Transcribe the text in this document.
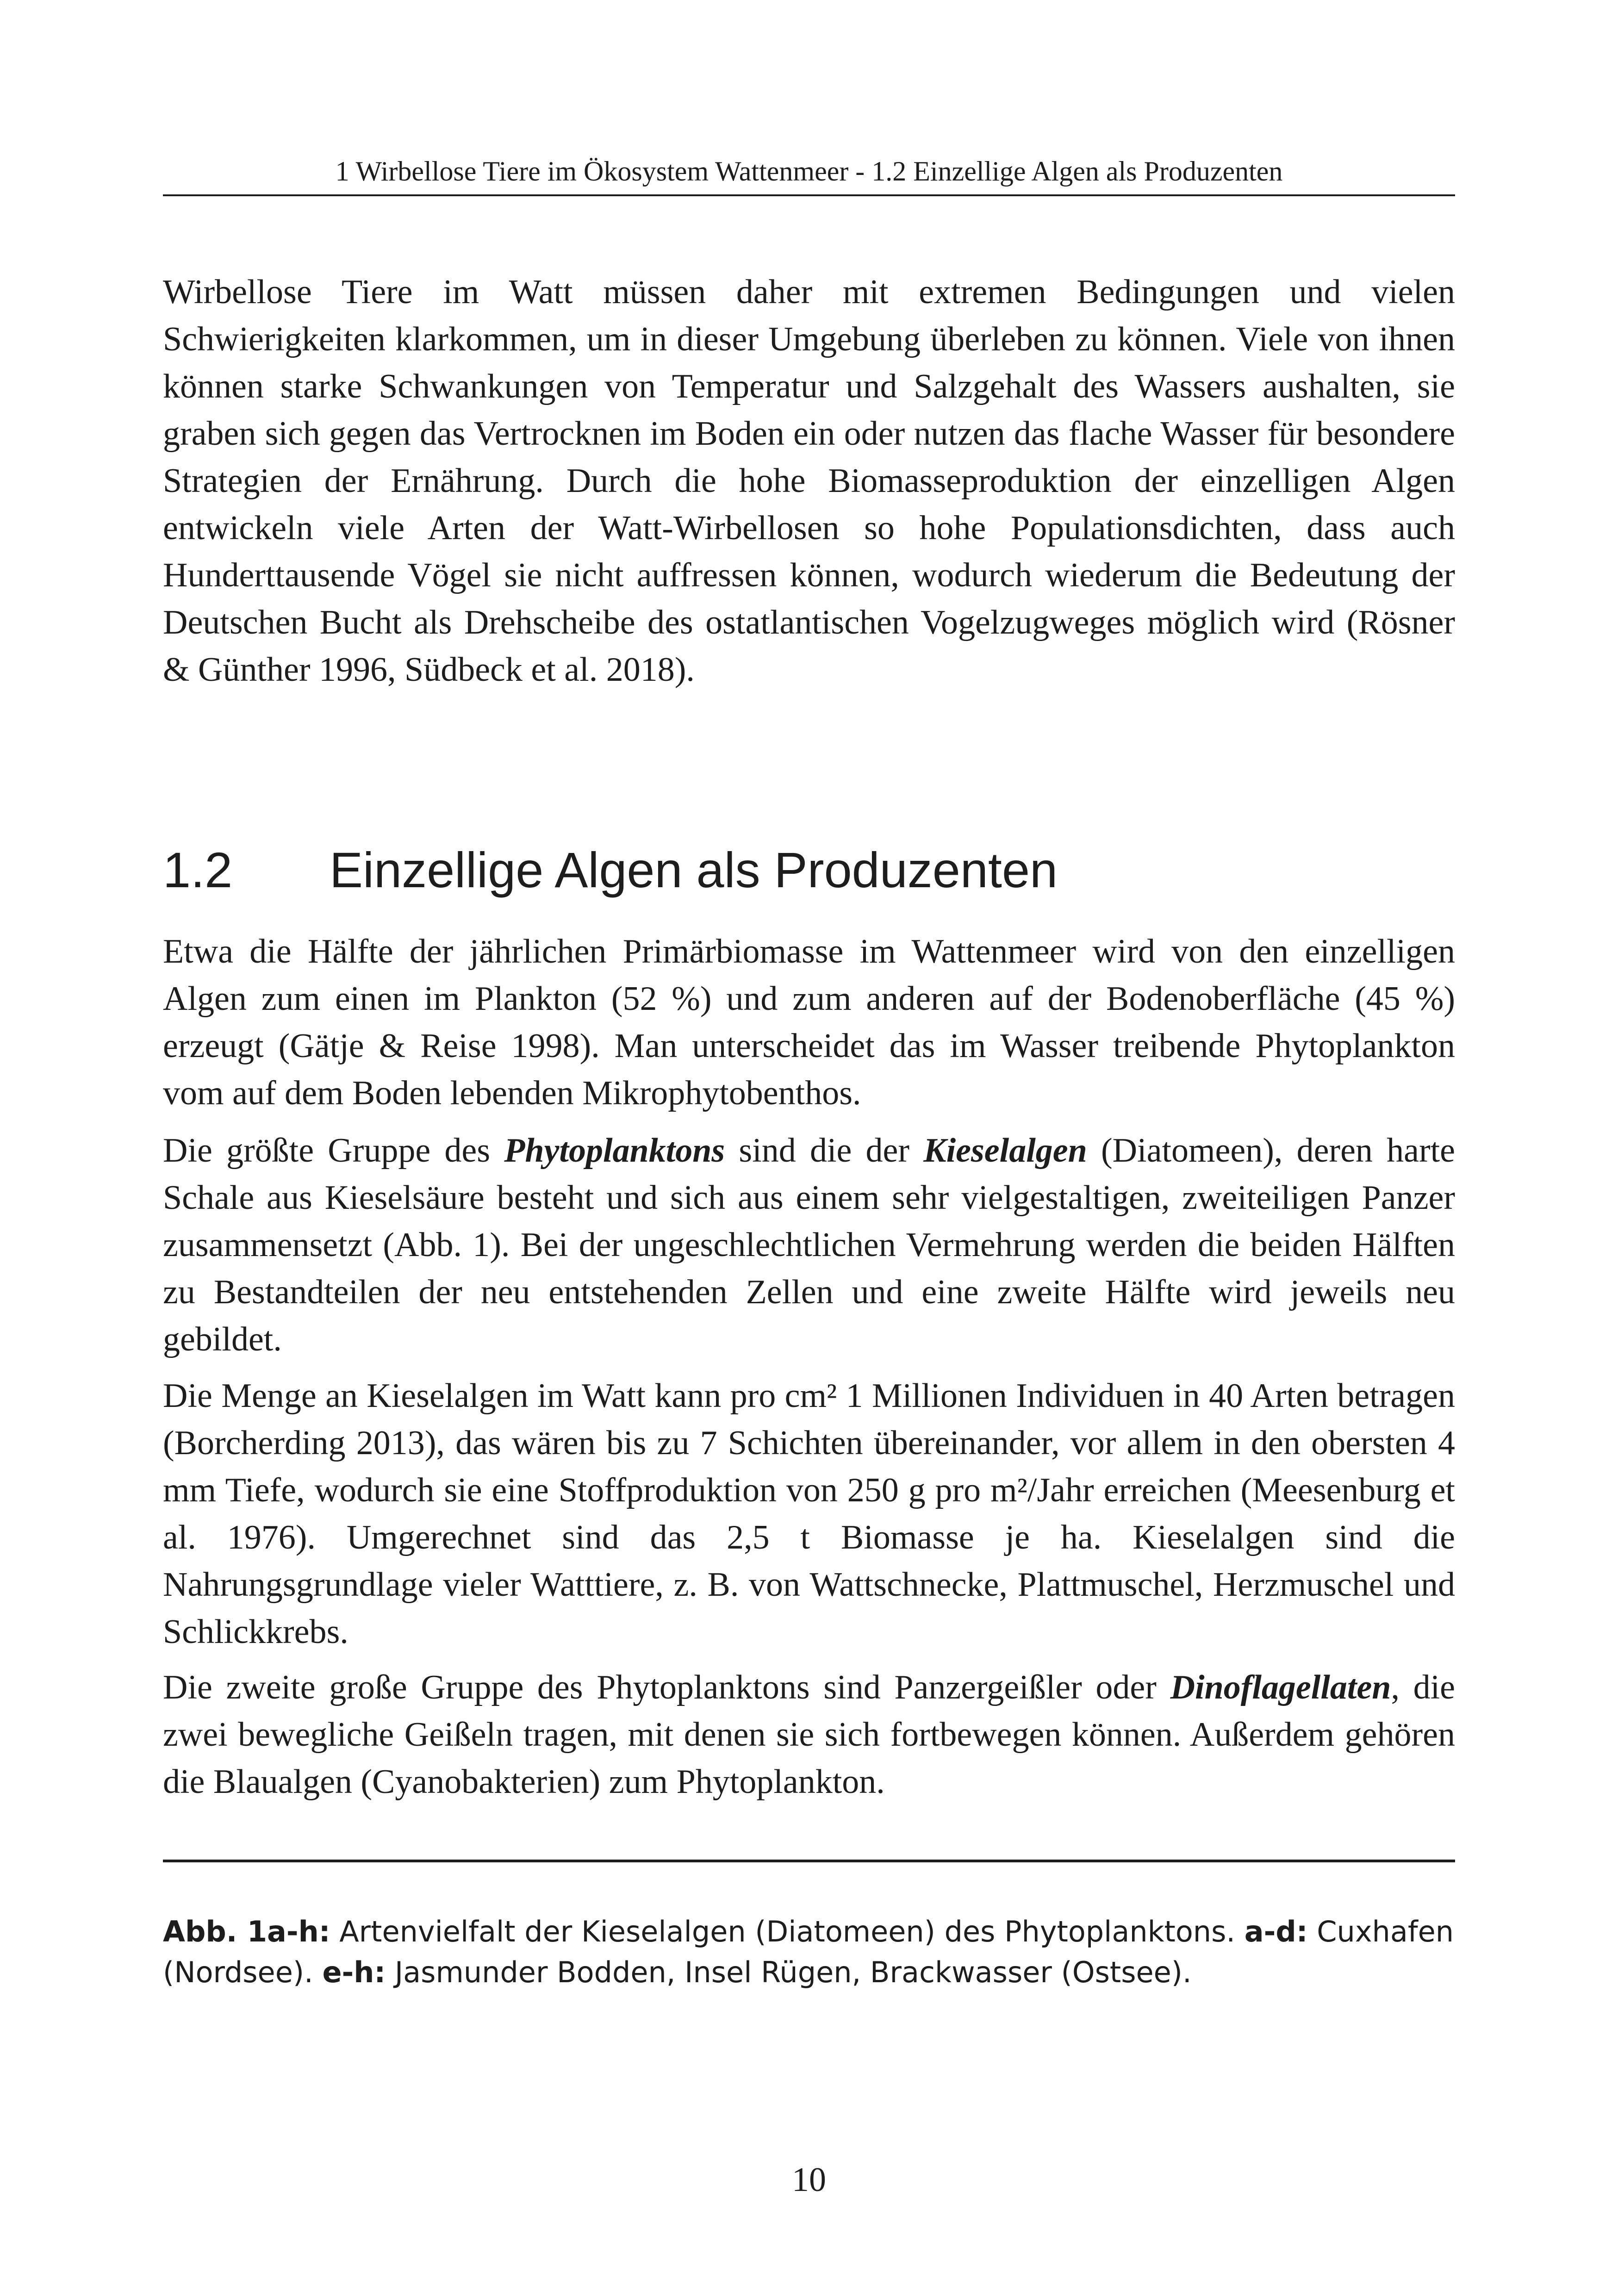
1 Wirbellose Tiere im Ökosystem Wattenmeer - 1.2 Einzellige Algen als Produzenten

Wirbellose Tiere im Watt müssen daher mit extremen Bedingungen und vielen Schwierigkeiten klarkommen, um in dieser Umgebung überleben zu können. Viele von ihnen können starke Schwankungen von Temperatur und Salzgehalt des Wassers aushalten, sie graben sich gegen das Vertrocknen im Boden ein oder nutzen das flache Wasser für besondere Strategien der Ernährung. Durch die hohe Biomasseproduktion der einzelligen Algen entwickeln viele Arten der Watt-Wirbellosen so hohe Populationsdichten, dass auch Hunderttausende Vögel sie nicht auffressen können, wodurch wiederum die Bedeutung der Deutschen Bucht als Drehscheibe des ostatlantischen Vogelzugweges möglich wird (Rösner & Günther 1996, Südbeck et al. 2018).

1.2 Einzellige Algen als Produzenten

Etwa die Hälfte der jährlichen Primärbiomasse im Wattenmeer wird von den einzelligen Algen zum einen im Plankton (52 %) und zum anderen auf der Bodenoberfläche (45 %) erzeugt (Gätje & Reise 1998). Man unterscheidet das im Wasser treibende Phytoplankton vom auf dem Boden lebenden Mikrophytobenthos.

Die größte Gruppe des Phytoplanktons sind die der Kieselalgen (Diatomeen), deren harte Schale aus Kieselsäure besteht und sich aus einem sehr vielgestaltigen, zweiteiligen Panzer zusammensetzt (Abb. 1). Bei der ungeschlechtlichen Vermehrung werden die beiden Hälften zu Bestandteilen der neu entstehenden Zellen und eine zweite Hälfte wird jeweils neu gebildet.

Die Menge an Kieselalgen im Watt kann pro cm² 1 Millionen Individuen in 40 Arten betragen (Borcherding 2013), das wären bis zu 7 Schichten übereinander, vor allem in den obersten 4 mm Tiefe, wodurch sie eine Stoffproduktion von 250 g pro m²/Jahr erreichen (Meesenburg et al. 1976). Umgerechnet sind das 2,5 t Biomasse je ha. Kieselalgen sind die Nahrungsgrundlage vieler Watttiere, z. B. von Wattschnecke, Plattmuschel, Herzmuschel und Schlickkrebs.

Die zweite große Gruppe des Phytoplanktons sind Panzergeißler oder Dinoflagellaten, die zwei bewegliche Geißeln tragen, mit denen sie sich fortbewegen können. Außerdem gehören die Blaualgen (Cyanobakterien) zum Phytoplankton.

Abb. 1a-h: Artenvielfalt der Kieselalgen (Diatomeen) des Phytoplanktons. a-d: Cuxhafen (Nordsee). e-h: Jasmunder Bodden, Insel Rügen, Brackwasser (Ostsee).

10
